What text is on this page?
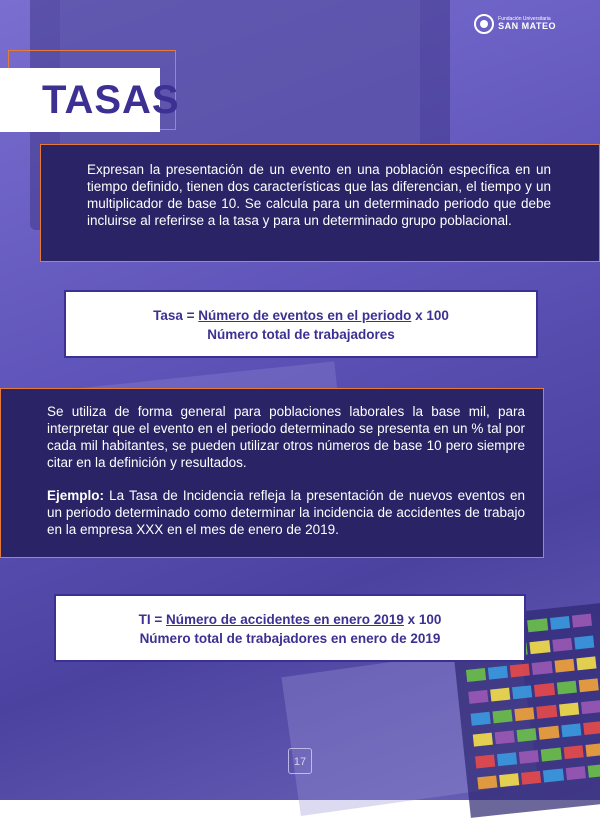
Fundación Universitaria
SAN MATEO
TASAS

Expresan la presentación de un evento en una población específica en un tiempo definido, tienen dos características que las diferencian, el tiempo y un multiplicador de base 10. Se calcula para un determinado periodo que debe incluirse al referirse a la tasa y para un determinado grupo poblacional.

Tasa = Número de eventos en el periodo x 100
Número total de trabajadores

Se utiliza de forma general para poblaciones laborales la base mil, para interpretar que el evento en el periodo determinado se presenta en un % tal por cada mil habitantes, se pueden utilizar otros números de base 10 pero siempre citar en la definición y resultados.

Ejemplo: La Tasa de Incidencia refleja la presentación de nuevos eventos en un periodo determinado como determinar la incidencia de accidentes de trabajo en la empresa XXX en el mes de enero de 2019.

TI = Número de accidentes en enero 2019 x 100
Número total de trabajadores en enero de 2019
17
